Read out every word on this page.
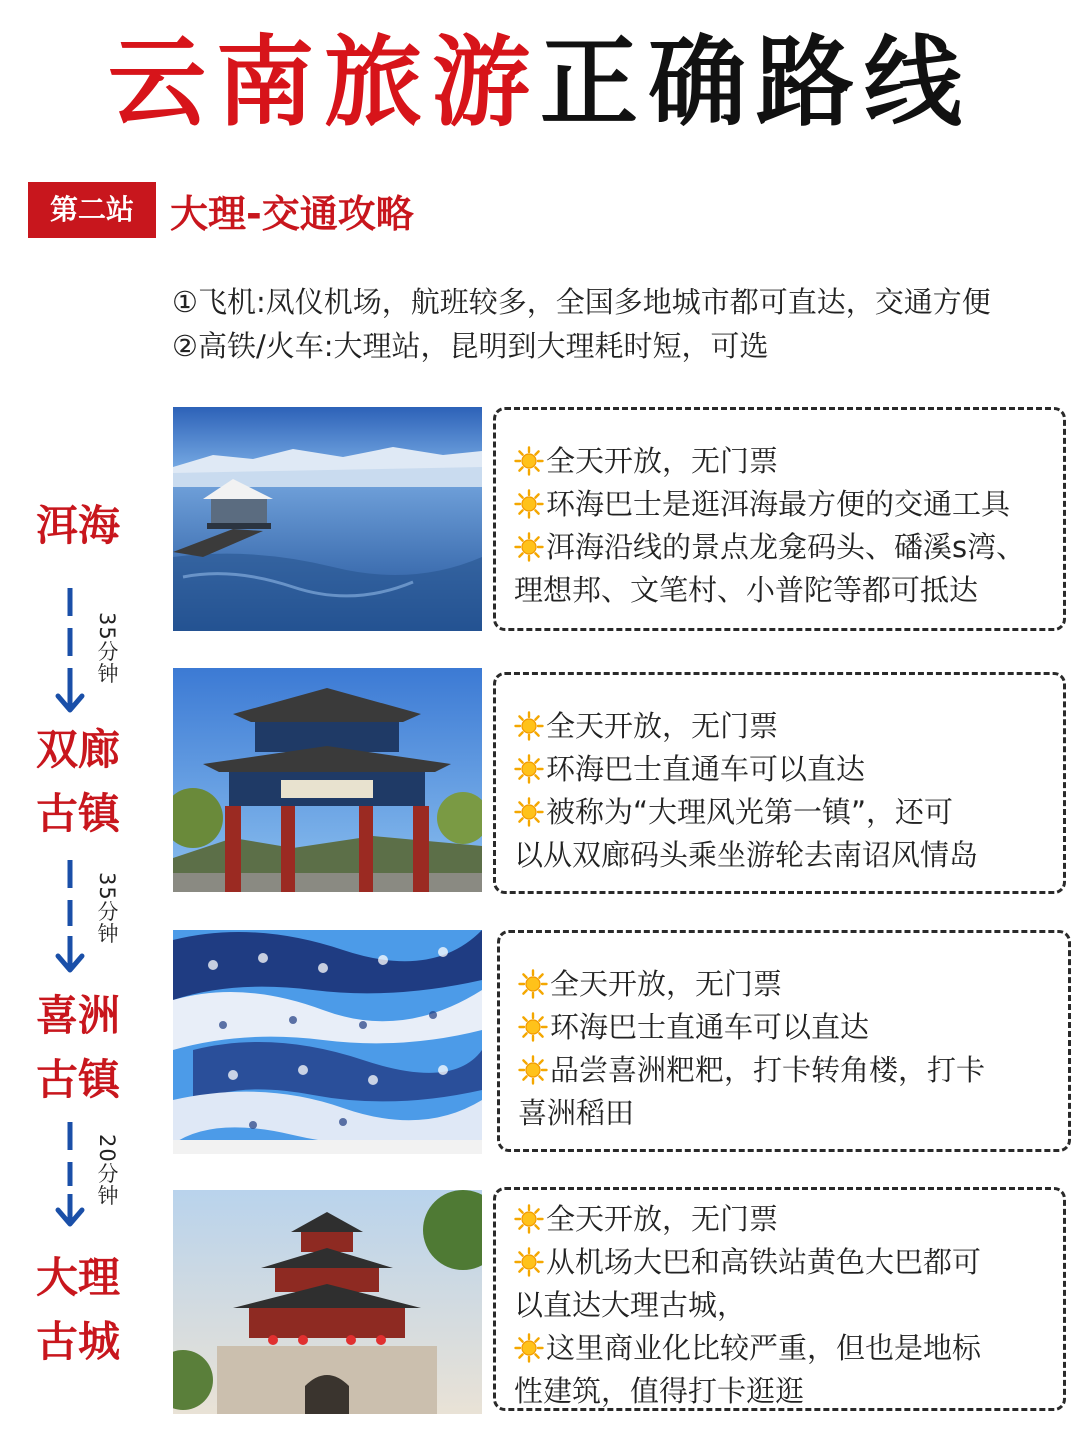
云南旅游正确路线
第二站 大理-交通攻略

①飞机:凤仪机场，航班较多，全国多地城市都可直达，交通方便

②高铁/火车:大理站，昆明到大理耗时短，可选

洱海
双廊
古镇
喜洲
古镇
大理
古城
35分钟
35分钟
20分钟

全天开放，无门票

环海巴士是逛洱海最方便的交通工具

洱海沿线的景点龙龛码头、磻溪s湾、

理想邦、文笔村、小普陀等都可抵达

全天开放，无门票

环海巴士直通车可以直达

被称为“大理风光第一镇”，还可

以从双廊码头乘坐游轮去南诏风情岛

全天开放，无门票

环海巴士直通车可以直达

品尝喜洲粑粑，打卡转角楼，打卡

喜洲稻田

全天开放，无门票

从机场大巴和高铁站黄色大巴都可

以直达大理古城，

这里商业化比较严重，但也是地标

性建筑，值得打卡逛逛
